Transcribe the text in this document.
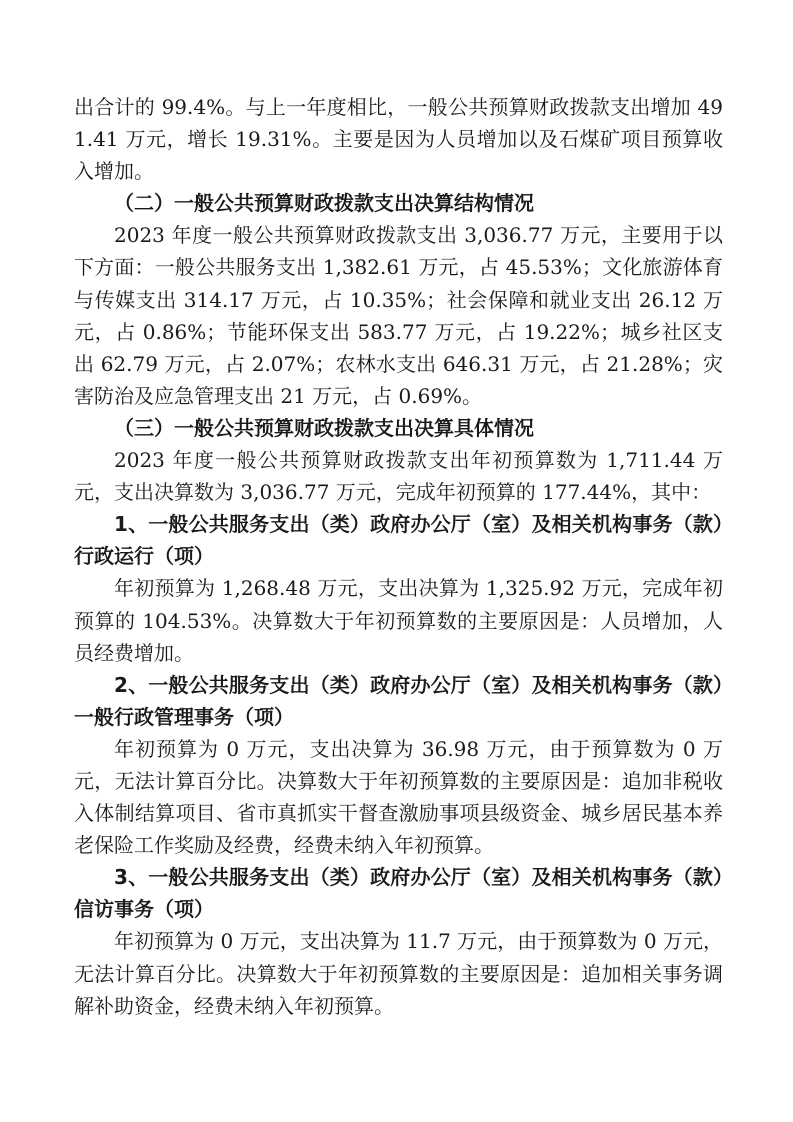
出合计的 99.4%。与上一年度相比，一般公共预算财政拨款支出增加 491.41 万元，增长 19.31%。主要是因为人员增加以及石煤矿项目预算收入增加。

（二）一般公共预算财政拨款支出决算结构情况

2023 年度一般公共预算财政拨款支出 3,036.77 万元，主要用于以下方面：一般公共服务支出 1,382.61 万元，占 45.53%；文化旅游体育与传媒支出 314.17 万元，占 10.35%；社会保障和就业支出 26.12 万元，占 0.86%；节能环保支出 583.77 万元，占 19.22%；城乡社区支出 62.79 万元，占 2.07%；农林水支出 646.31 万元，占 21.28%；灾害防治及应急管理支出 21 万元，占 0.69%。

（三）一般公共预算财政拨款支出决算具体情况

2023 年度一般公共预算财政拨款支出年初预算数为 1,711.44 万元，支出决算数为 3,036.77 万元，完成年初预算的 177.44%，其中：

1、一般公共服务支出（类）政府办公厅（室）及相关机构事务（款）行政运行（项）

年初预算为 1,268.48 万元，支出决算为 1,325.92 万元，完成年初预算的 104.53%。决算数大于年初预算数的主要原因是：人员增加，人员经费增加。

2、一般公共服务支出（类）政府办公厅（室）及相关机构事务（款）一般行政管理事务（项）

年初预算为 0 万元，支出决算为 36.98 万元，由于预算数为 0 万元，无法计算百分比。决算数大于年初预算数的主要原因是：追加非税收入体制结算项目、省市真抓实干督查激励事项县级资金、城乡居民基本养老保险工作奖励及经费，经费未纳入年初预算。

3、一般公共服务支出（类）政府办公厅（室）及相关机构事务（款）信访事务（项）

年初预算为 0 万元，支出决算为 11.7 万元，由于预算数为 0 万元，无法计算百分比。决算数大于年初预算数的主要原因是：追加相关事务调解补助资金，经费未纳入年初预算。
